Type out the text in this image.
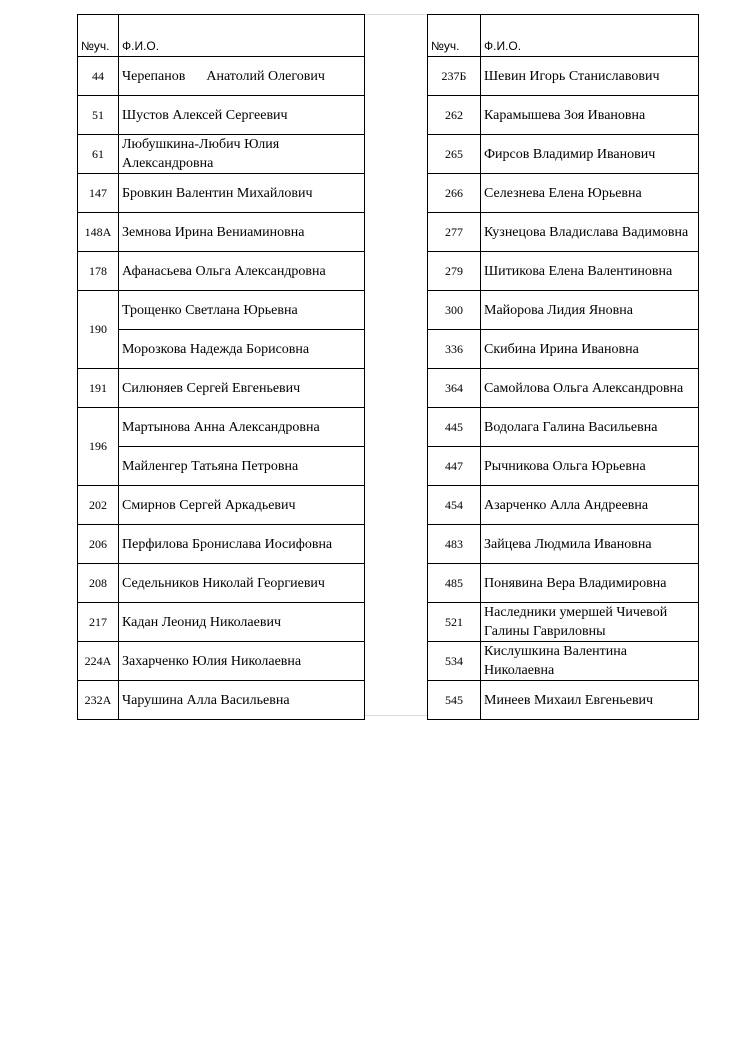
№уч.	Ф.И.О.
44	Черепанов      Анатолий Олегович
51	Шустов Алексей Сергеевич
61	Любушкина-Любич Юлия Александровна
147	Бровкин Валентин Михайлович
148А	Земнова Ирина Вениаминовна
178	Афанасьева Ольга Александровна
190	Трощенко Светлана Юрьевна
	Морозкова Надежда Борисовна
191	Силюняев Сергей Евгеньевич
196	Мартынова Анна Александровна
	Майленгер Татьяна Петровна
202	Смирнов Сергей Аркадьевич
206	Перфилова Бронислава Иосифовна
208	Седельников Николай Георгиевич
217	Кадан Леонид Николаевич
224А	Захарченко Юлия Николаевна
232А	Чарушина Алла Васильевна
№уч.	Ф.И.О.
237Б	Шевин Игорь Станиславович
262	Карамышева Зоя Ивановна
265	Фирсов Владимир Иванович
266	Селезнева Елена Юрьевна
277	Кузнецова Владислава Вадимовна
279	Шитикова Елена Валентиновна
300	Майорова Лидия Яновна
336	Скибина Ирина Ивановна
364	Самойлова Ольга Александровна
445	Водолага Галина Васильевна
447	Рычникова Ольга Юрьевна
454	Азарченко Алла Андреевна
483	Зайцева Людмила Ивановна
485	Понявина Вера Владимировна
521	Наследники умершей Чичевой Галины Гавриловны
534	Кислушкина Валентина Николаевна
545	Минеев Михаил Евгеньевич
